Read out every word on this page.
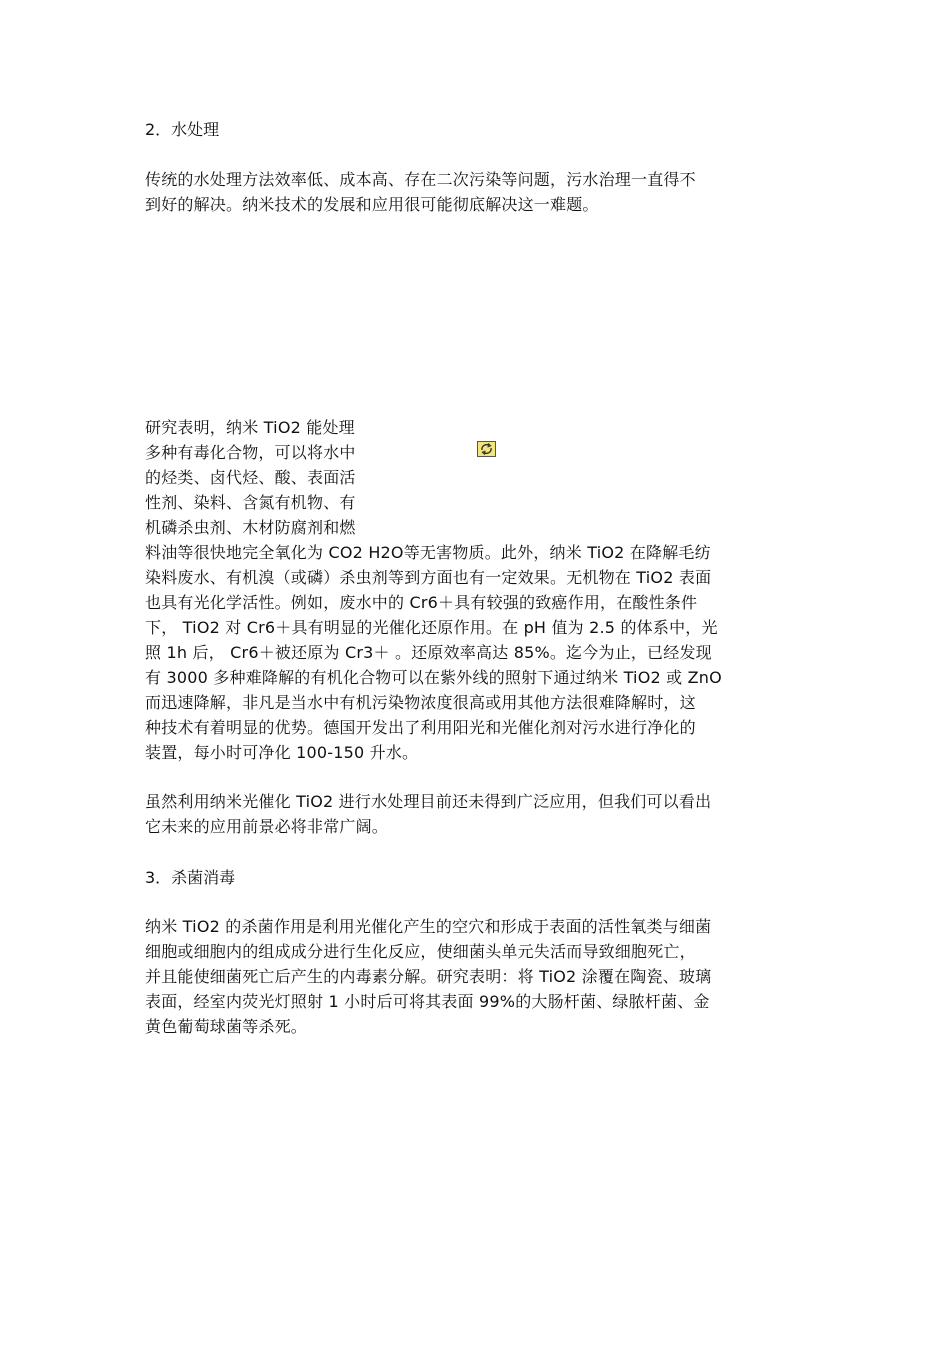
2．水处理
传统的水处理方法效率低、成本高、存在二次污染等问题，污水治理一直得不
到好的解决。纳米技术的发展和应用很可能彻底解决这一难题。
研究表明，纳米 TiO2 能处理
多种有毒化合物，可以将水中
的烃类、卤代烃、酸、表面活
性剂、染料、含氮有机物、有
机磷杀虫剂、木材防腐剂和燃
料油等很快地完全氧化为 CO2 H2O等无害物质。此外，纳米 TiO2 在降解毛纺
染料废水、有机溴（或磷）杀虫剂等到方面也有一定效果。无机物在 TiO2 表面
也具有光化学活性。例如，废水中的 Cr6＋具有较强的致癌作用，在酸性条件
下， TiO2 对 Cr6＋具有明显的光催化还原作用。在 pH 值为 2.5 的体系中，光
照 1h 后， Cr6＋被还原为 Cr3＋ 。还原效率高达 85%。迄今为止，已经发现
有 3000 多种难降解的有机化合物可以在紫外线的照射下通过纳米 TiO2 或 ZnO
而迅速降解，非凡是当水中有机污染物浓度很高或用其他方法很难降解时，这
种技术有着明显的优势。德国开发出了利用阳光和光催化剂对污水进行净化的
装置，每小时可净化 100-150 升水。
虽然利用纳米光催化 TiO2 进行水处理目前还未得到广泛应用，但我们可以看出
它未来的应用前景必将非常广阔。
3．杀菌消毒
纳米 TiO2 的杀菌作用是利用光催化产生的空穴和形成于表面的活性氧类与细菌
细胞或细胞内的组成成分进行生化反应，使细菌头单元失活而导致细胞死亡，
并且能使细菌死亡后产生的内毒素分解。研究表明：将 TiO2 涂覆在陶瓷、玻璃
表面，经室内荧光灯照射 1 小时后可将其表面 99%的大肠杆菌、绿脓杆菌、金
黄色葡萄球菌等杀死。
